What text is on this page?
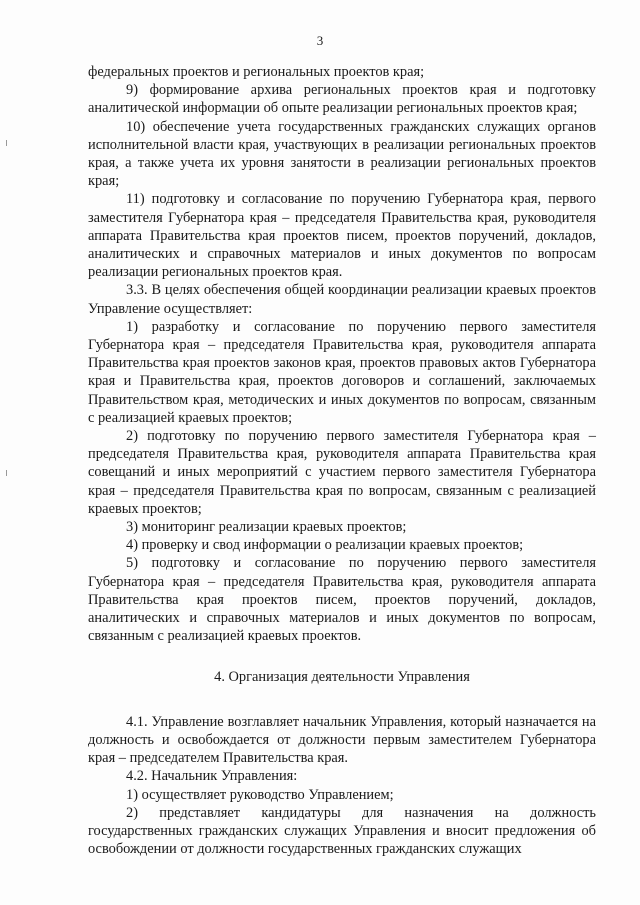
3

федеральных проектов и региональных проектов края;

9) формирование архива региональных проектов края и подготовку аналитической информации об опыте реализации региональных проектов края;

10) обеспечение учета государственных гражданских служащих органов исполнительной власти края, участвующих в реализации региональных проектов края, а также учета их уровня занятости в реализации региональных проектов края;

11) подготовку и согласование по поручению Губернатора края, первого заместителя Губернатора края – председателя Правительства края, руководителя аппарата Правительства края проектов писем, проектов поручений, докладов, аналитических и справочных материалов и иных документов по вопросам реализации региональных проектов края.

3.3. В целях обеспечения общей координации реализации краевых проектов Управление осуществляет:

1) разработку и согласование по поручению первого заместителя Губернатора края – председателя Правительства края, руководителя аппарата Правительства края проектов законов края, проектов правовых актов Губернатора края и Правительства края, проектов договоров и соглашений, заключаемых Правительством края, методических и иных документов по вопросам, связанным с реализацией краевых проектов;

2) подготовку по поручению первого заместителя Губернатора края – председателя Правительства края, руководителя аппарата Правительства края совещаний и иных мероприятий с участием первого заместителя Губернатора края – председателя Правительства края по вопросам, связанным с реализацией краевых проектов;

3) мониторинг реализации краевых проектов;

4) проверку и свод информации о реализации краевых проектов;

5) подготовку и согласование по поручению первого заместителя Губернатора края – председателя Правительства края, руководителя аппарата Правительства края проектов писем, проектов поручений, докладов, аналитических и справочных материалов и иных документов по вопросам, связанным с реализацией краевых проектов.

4. Организация деятельности Управления

4.1. Управление возглавляет начальник Управления, который назначается на должность и освобождается от должности первым заместителем Губернатора края – председателем Правительства края.

4.2. Начальник Управления:

1) осуществляет руководство Управлением;

2) представляет кандидатуры для назначения на должность государственных гражданских служащих Управления и вносит предложения об освобождении от должности государственных гражданских служащих
